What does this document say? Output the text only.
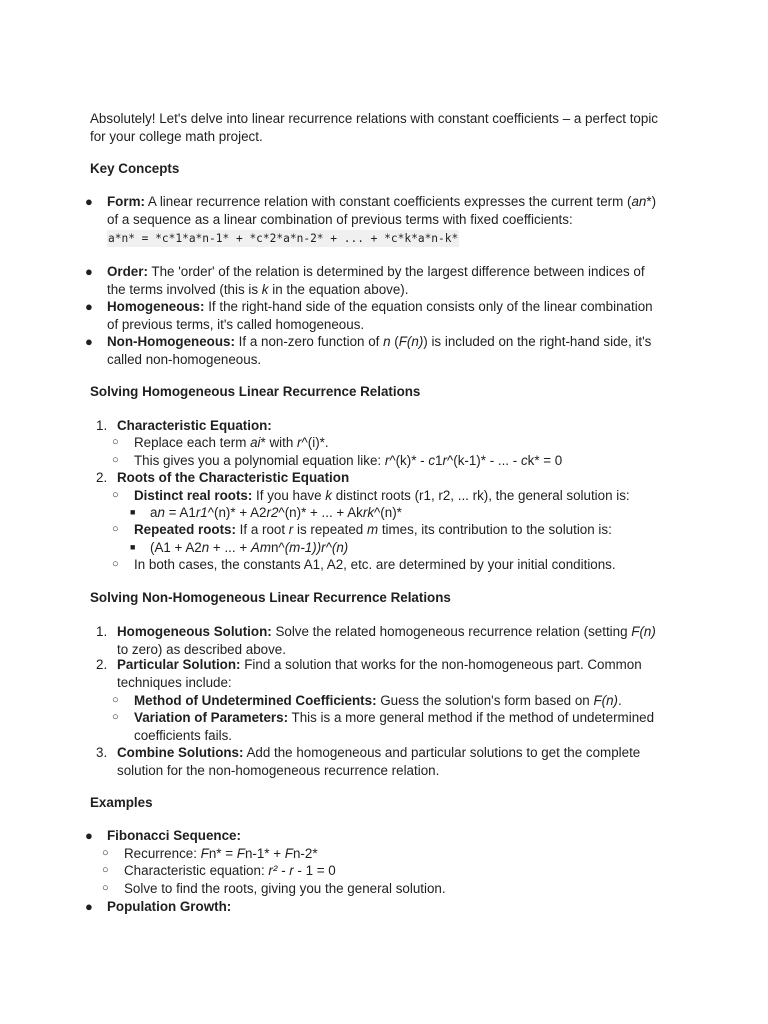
Absolutely! Let's delve into linear recurrence relations with constant coefficients – a perfect topic
for your college math project.
Key Concepts
● Form: A linear recurrence relation with constant coefficients expresses the current term (an*)
of a sequence as a linear combination of previous terms with fixed coefficients:
a*n* = *c*1*a*n-1* + *c*2*a*n-2* + ... + *c*k*a*n-k*
● Order: The 'order' of the relation is determined by the largest difference between indices of
the terms involved (this is k in the equation above).
● Homogeneous: If the right-hand side of the equation consists only of the linear combination
of previous terms, it's called homogeneous.
● Non-Homogeneous: If a non-zero function of n (F(n)) is included on the right-hand side, it's
called non-homogeneous.
Solving Homogeneous Linear Recurrence Relations
1. Characteristic Equation:
○ Replace each term ai* with r^(i)*.
○ This gives you a polynomial equation like: r^(k)* - c1r^(k-1)* - ... - ck* = 0
2. Roots of the Characteristic Equation
○ Distinct real roots: If you have k distinct roots (r1, r2, ... rk), the general solution is:
■ an = A1r1^(n)* + A2r2^(n)* + ... + Akrk^(n)*
○ Repeated roots: If a root r is repeated m times, its contribution to the solution is:
■ (A1 + A2n + ... + Amn^(m-1))r^(n)
○ In both cases, the constants A1, A2, etc. are determined by your initial conditions.
Solving Non-Homogeneous Linear Recurrence Relations
1. Homogeneous Solution: Solve the related homogeneous recurrence relation (setting F(n)
to zero) as described above.
2. Particular Solution: Find a solution that works for the non-homogeneous part. Common
techniques include:
○ Method of Undetermined Coefficients: Guess the solution's form based on F(n).
○ Variation of Parameters: This is a more general method if the method of undetermined
coefficients fails.
3. Combine Solutions: Add the homogeneous and particular solutions to get the complete
solution for the non-homogeneous recurrence relation.
Examples
● Fibonacci Sequence:
○ Recurrence: Fn* = Fn-1* + Fn-2*
○ Characteristic equation: r² - r - 1 = 0
○ Solve to find the roots, giving you the general solution.
● Population Growth:
